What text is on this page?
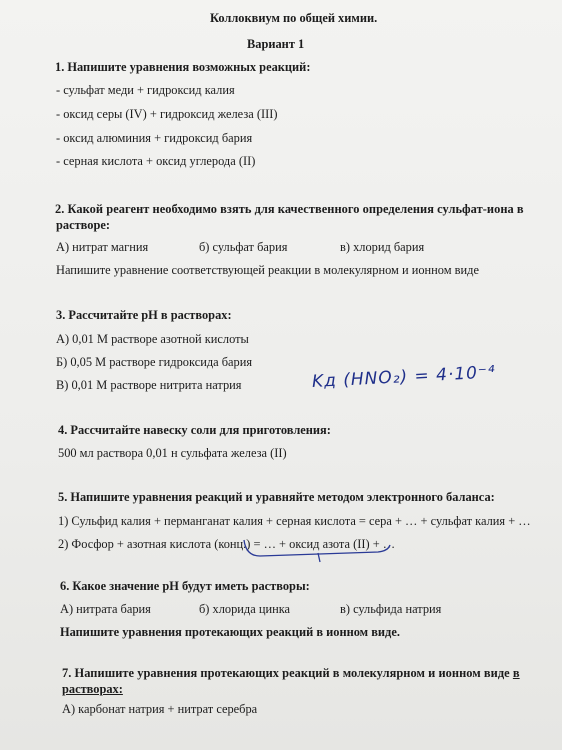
Коллоквиум по общей химии.
Вариант 1
1. Напишите уравнения возможных реакций:
- сульфат меди + гидроксид калия
- оксид серы (IV) + гидроксид железа (III)
- оксид алюминия + гидроксид бария
- серная кислота + оксид углерода (II)
2. Какой реагент необходимо взять для качественного определения сульфат-иона в
растворе:
А) нитрат магния	б) сульфат бария	в) хлорид бария
Напишите уравнение соответствующей реакции в молекулярном и ионном виде
3. Рассчитайте pH в растворах:
А) 0,01 М растворе азотной кислоты
Б) 0,05 М растворе гидроксида бария
В) 0,01 М растворе нитрита натрия	Kд (HNO₂) = 4·10⁻⁴
4. Рассчитайте навеску соли для приготовления:
500 мл раствора 0,01 н сульфата железа (II)
5. Напишите уравнения реакций и уравняйте методом электронного баланса:
1) Сульфид калия + перманганат калия + серная кислота = сера + … + сульфат калия + …
2) Фосфор + азотная кислота (конц.) = … + оксид азота (II) + …
6. Какое значение pH будут иметь растворы:
А) нитрата бария	б) хлорида цинка	в) сульфида натрия
Напишите уравнения протекающих реакций в ионном виде.
7. Напишите уравнения протекающих реакций в молекулярном и ионном виде в
растворах:
А) карбонат натрия + нитрат серебра
